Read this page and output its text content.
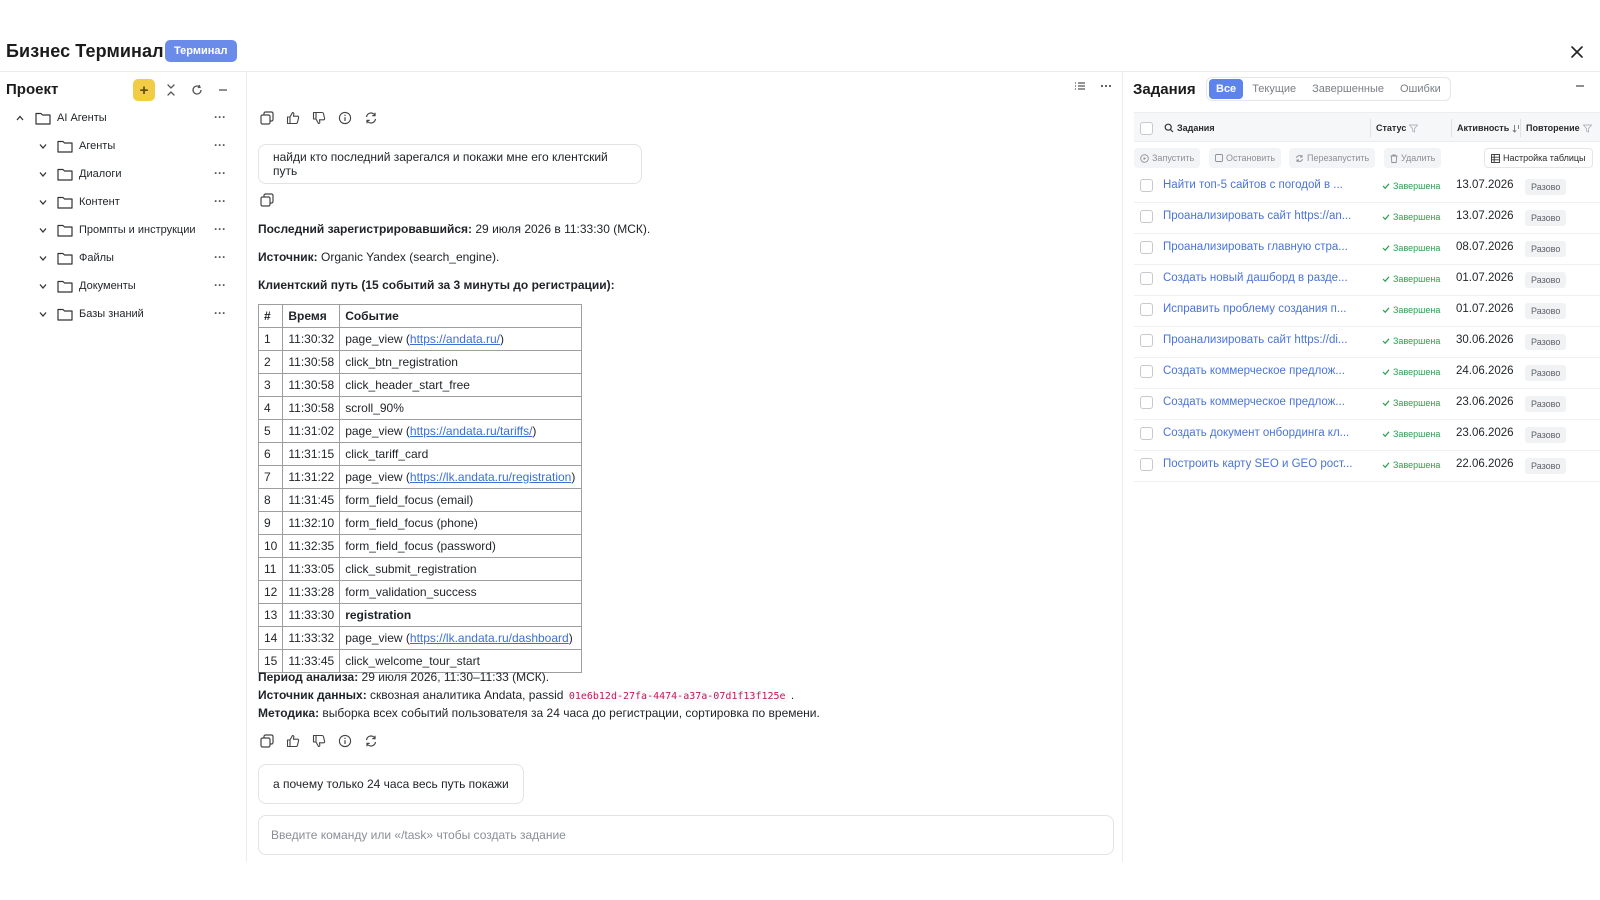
Бизнес Терминал Терминал
Проект	+
AI Агенты	···
Агенты	···
Диалоги	···
Контент	···
Промпты и инструкции ···
Файлы	···
Документы	···
Базы знаний	···
найди кто последний зарегался и покажи мне его клентский путь
Последний зарегистрировавшийся: 29 июля 2026 в 11:33:30 (МСК).
Источник: Organic Yandex (search_engine).
Клиентский путь (15 событий за 3 минуты до регистрации):
#	Время	Событие
1	11:30:32	page_view (https://andata.ru/)
2	11:30:58	click_btn_registration
3	11:30:58	click_header_start_free
4	11:30:58	scroll_90%
5	11:31:02	page_view (https://andata.ru/tariffs/)
6	11:31:15	click_tariff_card
7	11:31:22	page_view (https://lk.andata.ru/registration)
8	11:31:45	form_field_focus (email)
9	11:32:10	form_field_focus (phone)
10	11:32:35	form_field_focus (password)
11	11:33:05	click_submit_registration
12	11:33:28	form_validation_success
13	11:33:30	registration
14	11:33:32	page_view (https://lk.andata.ru/dashboard)
15	11:33:45	click_welcome_tour_start
Период анализа: 29 июля 2026, 11:30–11:33 (МСК).
Источник данных: сквозная аналитика Andata, passid 01e6b12d-27fa-4474-a37a-07d1f13f125e .
Методика: выборка всех событий пользователя за 24 часа до регистрации, сортировка по времени.
а почему только 24 часа весь путь покажи
Введите команду или «/task» чтобы создать задание
Задания	Все	Текущие	Завершенные	Ошибки
Задания	Статус	Активность Повторение
Запустить	Остановить	Перезапустить	Удалить	Настройка таблицы
Найти топ-5 сайтов с погодой в ...	Завершена 13.07.2026	Разово
Проанализировать сайт https://an...	Завершена 13.07.2026	Разово
Проанализировать главную стра...	Завершена 08.07.2026	Разово
Создать новый дашборд в разде...	Завершена 01.07.2026	Разово
Исправить проблему создания п...	Завершена 01.07.2026	Разово
Проанализировать сайт https://di...	Завершена 30.06.2026	Разово
Создать коммерческое предлож...	Завершена 24.06.2026	Разово
Создать коммерческое предлож...	Завершена 23.06.2026	Разово
Создать документ онбординга кл...	Завершена 23.06.2026	Разово
Построить карту SEO и GEO рост...	Завершена 22.06.2026	Разово
